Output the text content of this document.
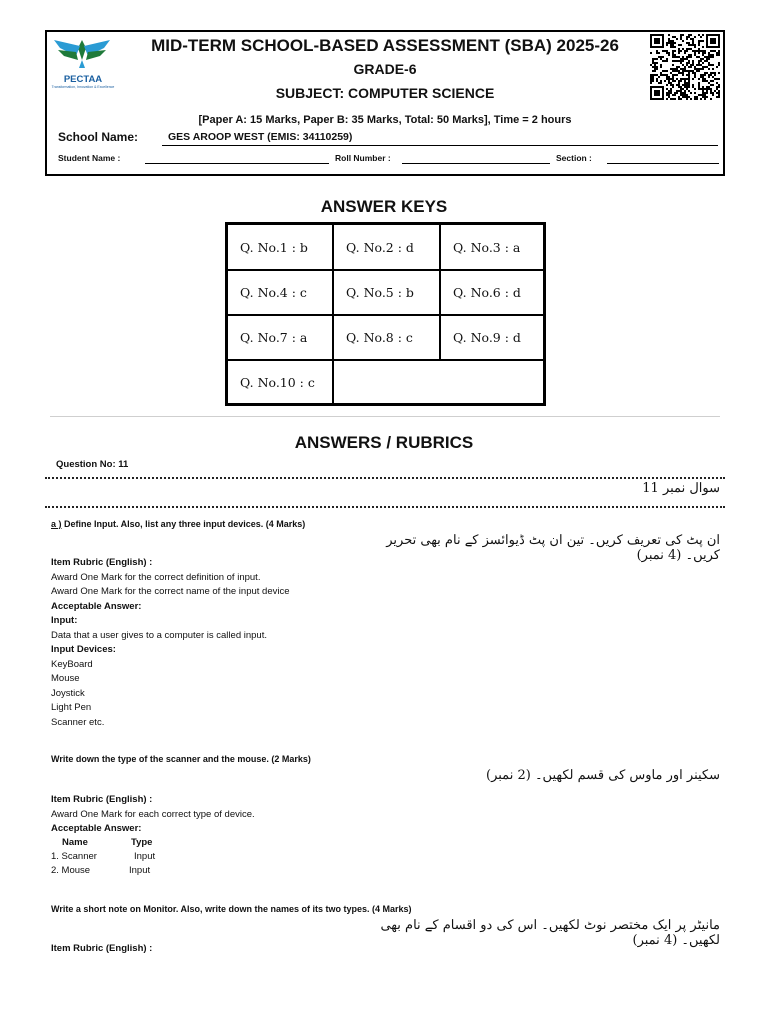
PECTAA
Transformation, Innovation & Excellence
MID-TERM SCHOOL-BASED ASSESSMENT (SBA) 2025-26
GRADE-6
SUBJECT: COMPUTER SCIENCE
[Paper A: 15 Marks, Paper B: 35 Marks, Total: 50 Marks], Time = 2 hours
School Name:	GES AROOP WEST (EMIS: 34110259)
Student Name :	Roll Number :	Section :
ANSWER KEYS
Q. No.1 : b	Q. No.2 : d	Q. No.3 : a
Q. No.4 : c	Q. No.5 : b	Q. No.6 : d
Q. No.7 : a	Q. No.8 : c	Q. No.9 : d
Q. No.10 : c
ANSWERS / RUBRICS
Question No: 11
سوال نمبر 11
a ) Define Input. Also, list any three input devices. (4 Marks)
ان پٹ کی تعریف کریں۔ تین ان پٹ ڈیوائسز کے نام بھی تحریر کریں۔ (4 نمبر)
Item Rubric (English) :
Award One Mark for the correct definition of input.
Award One Mark for the correct name of the input device
Acceptable Answer:
Input:
Data that a user gives to a computer is called input.
Input Devices:
KeyBoard
Mouse
Joystick
Light Pen
Scanner etc.
Write down the type of the scanner and the mouse. (2 Marks)
سکینر اور ماوس کی قسم لکھیں۔ (2 نمبر)
Item Rubric (English) :
Award One Mark for each correct type of device.
Acceptable Answer:
Name	Type
1. Scanner	Input
2. Mouse	Input
Write a short note on Monitor. Also, write down the names of its two types. (4 Marks)
مانیٹر پر ایک مختصر نوٹ لکھیں۔ اس کی دو اقسام کے نام بھی لکھیں۔ (4 نمبر)
Item Rubric (English) :
